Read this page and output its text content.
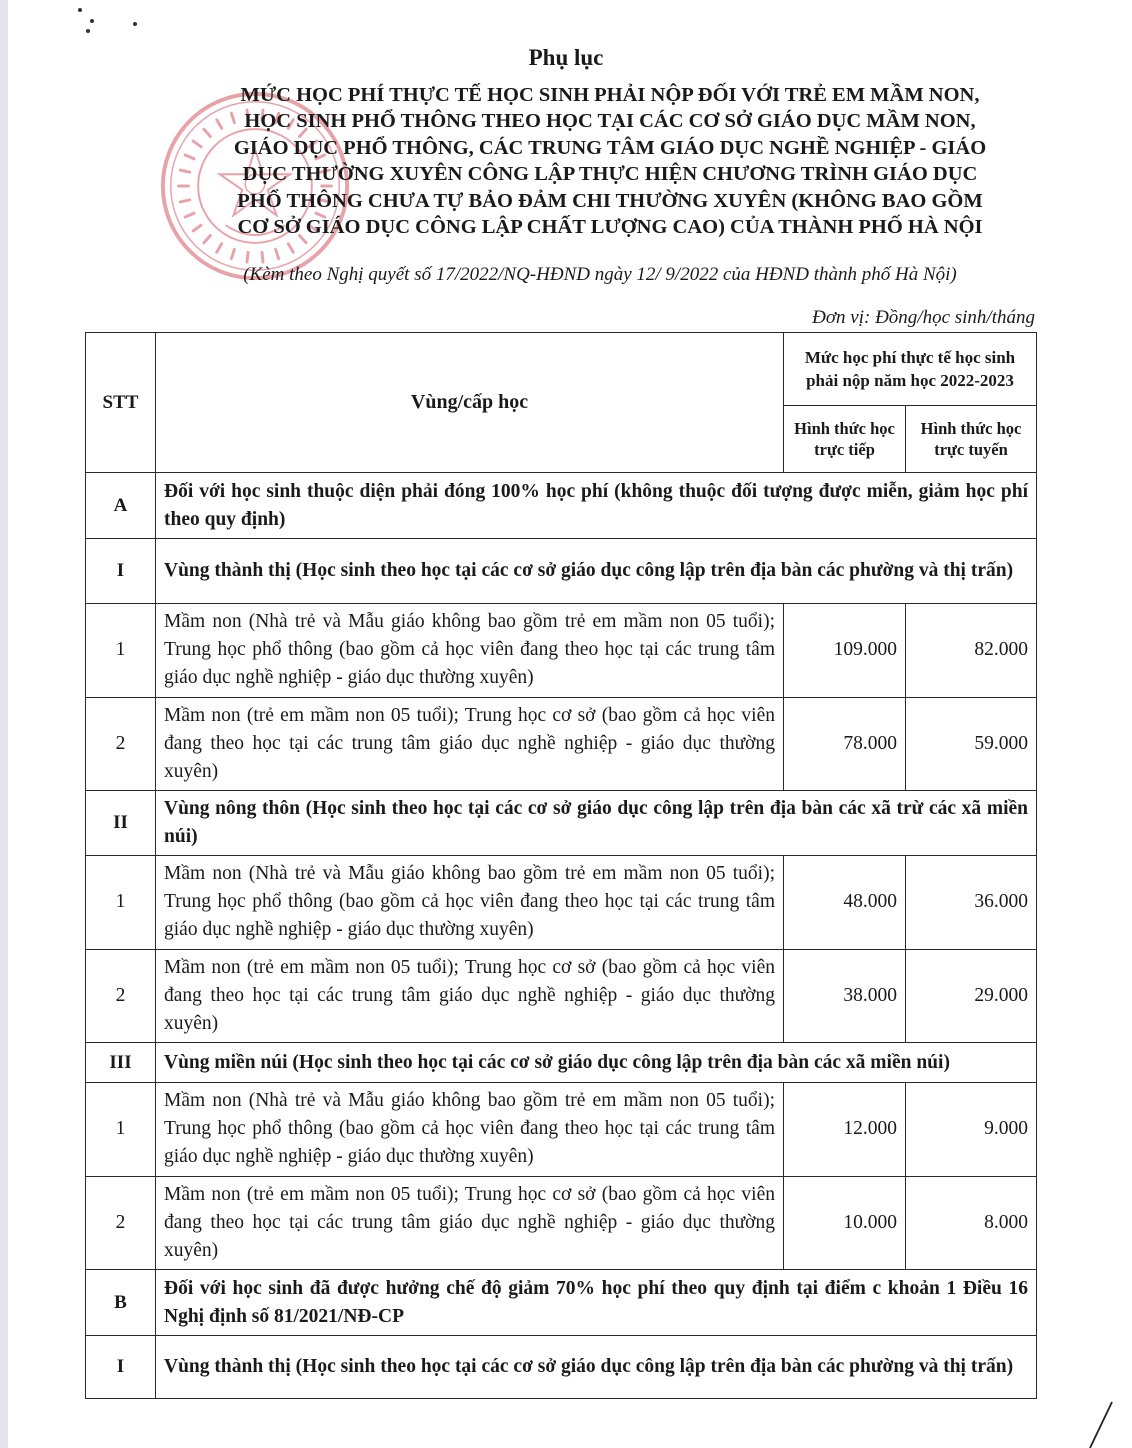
Phụ lục
MỨC HỌC PHÍ THỰC TẾ HỌC SINH PHẢI NỘP ĐỐI VỚI TRẺ EM MẦM NON,
HỌC SINH PHỔ THÔNG THEO HỌC TẠI CÁC CƠ SỞ GIÁO DỤC MẦM NON,
GIÁO DỤC PHỔ THÔNG, CÁC TRUNG TÂM GIÁO DỤC NGHỀ NGHIỆP - GIÁO
DỤC THƯỜNG XUYÊN CÔNG LẬP THỰC HIỆN CHƯƠNG TRÌNH GIÁO DỤC
PHỔ THÔNG CHƯA TỰ BẢO ĐẢM CHI THƯỜNG XUYÊN (KHÔNG BAO GỒM
CƠ SỞ GIÁO DỤC CÔNG LẬP CHẤT LƯỢNG CAO) CỦA THÀNH PHỐ HÀ NỘI
(Kèm theo Nghị quyết số 17/2022/NQ-HĐND ngày 12/ 9/2022 của HĐND thành phố Hà Nội)
Đơn vị: Đồng/học sinh/tháng
STT	Vùng/cấp học	Mức học phí thực tế học sinh phải nộp năm học 2022-2023	
		Hình thức học trực tiếp	Hình thức học trực tuyến
A	Đối với học sinh thuộc diện phải đóng 100% học phí (không thuộc đối tượng được miễn, giảm học phí theo quy định)		
I	Vùng thành thị (Học sinh theo học tại các cơ sở giáo dục công lập trên địa bàn các phường và thị trấn)		
1	Mầm non (Nhà trẻ và Mẫu giáo không bao gồm trẻ em mầm non 05 tuổi); Trung học phổ thông (bao gồm cả học viên đang theo học tại các trung tâm giáo dục nghề nghiệp - giáo dục thường xuyên)	109.000	82.000
2	Mầm non (trẻ em mầm non 05 tuổi); Trung học cơ sở (bao gồm cả học viên đang theo học tại các trung tâm giáo dục nghề nghiệp - giáo dục thường xuyên)	78.000	59.000
II	Vùng nông thôn (Học sinh theo học tại các cơ sở giáo dục công lập trên địa bàn các xã trừ các xã miền núi)		
1	Mầm non (Nhà trẻ và Mẫu giáo không bao gồm trẻ em mầm non 05 tuổi); Trung học phổ thông (bao gồm cả học viên đang theo học tại các trung tâm giáo dục nghề nghiệp - giáo dục thường xuyên)	48.000	36.000
2	Mầm non (trẻ em mầm non 05 tuổi); Trung học cơ sở (bao gồm cả học viên đang theo học tại các trung tâm giáo dục nghề nghiệp - giáo dục thường xuyên)	38.000	29.000
III	Vùng miền núi (Học sinh theo học tại các cơ sở giáo dục công lập trên địa bàn các xã miền núi)		
1	Mầm non (Nhà trẻ và Mẫu giáo không bao gồm trẻ em mầm non 05 tuổi); Trung học phổ thông (bao gồm cả học viên đang theo học tại các trung tâm giáo dục nghề nghiệp - giáo dục thường xuyên)	12.000	9.000
2	Mầm non (trẻ em mầm non 05 tuổi); Trung học cơ sở (bao gồm cả học viên đang theo học tại các trung tâm giáo dục nghề nghiệp - giáo dục thường xuyên)	10.000	8.000
B	Đối với học sinh đã được hưởng chế độ giảm 70% học phí theo quy định tại điểm c khoản 1 Điều 16 Nghị định số 81/2021/NĐ-CP		
I	Vùng thành thị (Học sinh theo học tại các cơ sở giáo dục công lập trên địa bàn các phường và thị trấn)		
